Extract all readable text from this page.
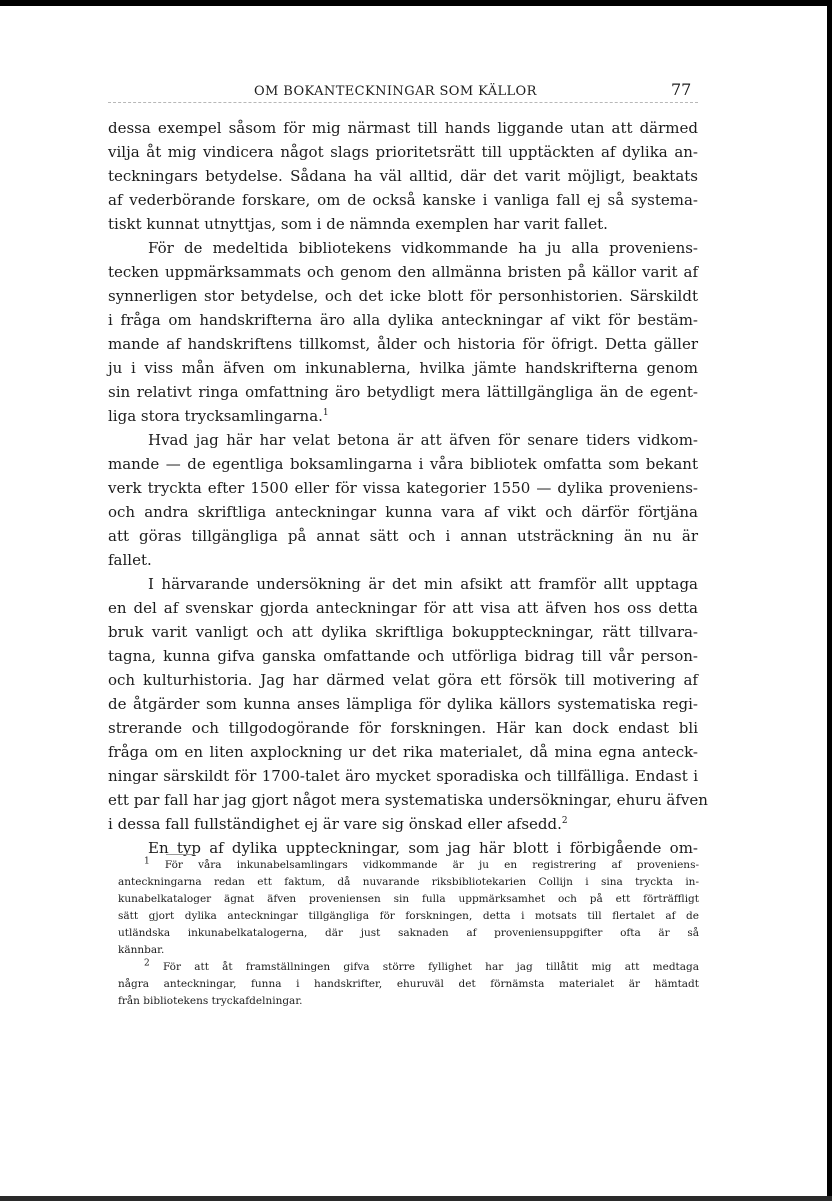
OM BOKANTECKNINGAR SOM KÄLLOR	77
dessa exempel såsom för mig närmast till hands liggande utan att därmed
vilja åt mig vindicera något slags prioritetsrätt till upptäckten af dylika an-
teckningars betydelse. Sådana ha väl alltid, där det varit möjligt, beaktats
af vederbörande forskare, om de också kanske i vanliga fall ej så systema-
tiskt kunnat utnyttjas, som i de nämnda exemplen har varit fallet.
För de medeltida bibliotekens vidkommande ha ju alla proveniens-
tecken uppmärksammats och genom den allmänna bristen på källor varit af
synnerligen stor betydelse, och det icke blott för personhistorien. Särskildt
i fråga om handskrifterna äro alla dylika anteckningar af vikt för bestäm-
mande af handskriftens tillkomst, ålder och historia för öfrigt. Detta gäller
ju i viss mån äfven om inkunablerna, hvilka jämte handskrifterna genom
sin relativt ringa omfattning äro betydligt mera lättillgängliga än de egent-
liga stora trycksamlingarna.$^1$
Hvad jag här har velat betona är att äfven för senare tiders vidkom-
mande — de egentliga boksamlingarna i våra bibliotek omfatta som bekant
verk tryckta efter 1500 eller för vissa kategorier 1550 — dylika proveniens-
och andra skriftliga anteckningar kunna vara af vikt och därför förtjäna
att göras tillgängliga på annat sätt och i annan utsträckning än nu är
fallet.
I härvarande undersökning är det min afsikt att framför allt upptaga
en del af svenskar gjorda anteckningar för att visa att äfven hos oss detta
bruk varit vanligt och att dylika skriftliga bokuppteckningar, rätt tillvara-
tagna, kunna gifva ganska omfattande och utförliga bidrag till vår person-
och kulturhistoria. Jag har därmed velat göra ett försök till motivering af
de åtgärder som kunna anses lämpliga för dylika källors systematiska regi-
strerande och tillgodogörande för forskningen. Här kan dock endast bli
fråga om en liten axplockning ur det rika materialet, då mina egna anteck-
ningar särskildt för 1700-talet äro mycket sporadiska och tillfälliga. Endast i
ett par fall har jag gjort något mera systematiska undersökningar, ehuru äfven
i dessa fall fullständighet ej är vare sig önskad eller afsedd.$^2$
En typ af dylika uppteckningar, som jag här blott i förbigående om-
$^1$ För våra inkunabelsamlingars vidkommande är ju en registrering af proveniens-
anteckningarna redan ett faktum, då nuvarande riksbibliotekarien Collijn i sina tryckta in-
kunabelkataloger ägnat äfven proveniensen sin fulla uppmärksamhet och på ett förträffligt
sätt gjort dylika anteckningar tillgängliga för forskningen, detta i motsats till flertalet af de
utländska inkunabelkatalogerna, där just saknaden af proveniensuppgifter ofta är så
kännbar.
$^2$ För att åt framställningen gifva större fyllighet har jag tillåtit mig att medtaga
några anteckningar, funna i handskrifter, ehuruväl det förnämsta materialet är hämtadt
från bibliotekens tryckafdelningar.
